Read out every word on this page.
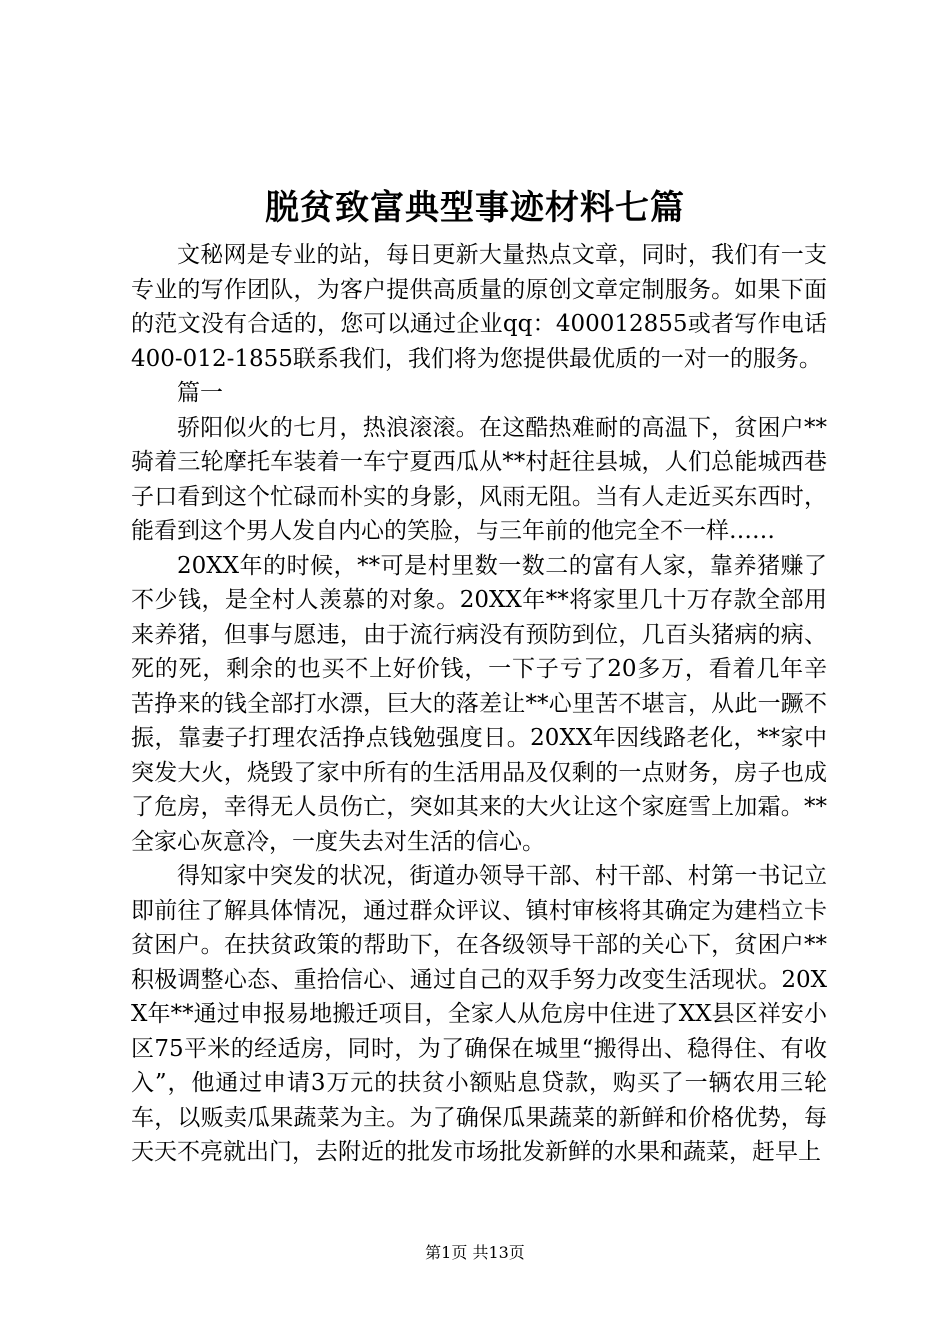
脱贫致富典型事迹材料七篇

文秘网是专业的站，每日更新大量热点文章，同时，我们有一支专业的写作团队，为客户提供高质量的原创文章定制服务。如果下面的范文没有合适的，您可以通过企业qq：400012855或者写作电话400-012-1855联系我们，我们将为您提供最优质的一对一的服务。

篇一

骄阳似火的七月，热浪滚滚。在这酷热难耐的高温下，贫困户**骑着三轮摩托车装着一车宁夏西瓜从**村赶往县城，人们总能城西巷子口看到这个忙碌而朴实的身影，风雨无阻。当有人走近买东西时，能看到这个男人发自内心的笑脸，与三年前的他完全不一样……

20XX年的时候，**可是村里数一数二的富有人家，靠养猪赚了不少钱，是全村人羡慕的对象。20XX年**将家里几十万存款全部用来养猪，但事与愿违，由于流行病没有预防到位，几百头猪病的病、死的死，剩余的也买不上好价钱，一下子亏了20多万，看着几年辛苦挣来的钱全部打水漂，巨大的落差让**心里苦不堪言，从此一蹶不振，靠妻子打理农活挣点钱勉强度日。20XX年因线路老化，**家中突发大火，烧毁了家中所有的生活用品及仅剩的一点财务，房子也成了危房，幸得无人员伤亡，突如其来的大火让这个家庭雪上加霜。**全家心灰意冷，一度失去对生活的信心。

得知家中突发的状况，街道办领导干部、村干部、村第一书记立即前往了解具体情况，通过群众评议、镇村审核将其确定为建档立卡贫困户。在扶贫政策的帮助下，在各级领导干部的关心下，贫困户**积极调整心态、重拾信心、通过自己的双手努力改变生活现状。20XX年**通过申报易地搬迁项目，全家人从危房中住进了XX县区祥安小区75平米的经适房，同时，为了确保在城里“搬得出、稳得住、有收入”，他通过申请3万元的扶贫小额贴息贷款，购买了一辆农用三轮车，以贩卖瓜果蔬菜为主。为了确保瓜果蔬菜的新鲜和价格优势，每天天不亮就出门，去附近的批发市场批发新鲜的水果和蔬菜，赶早上

第1页 共13页
